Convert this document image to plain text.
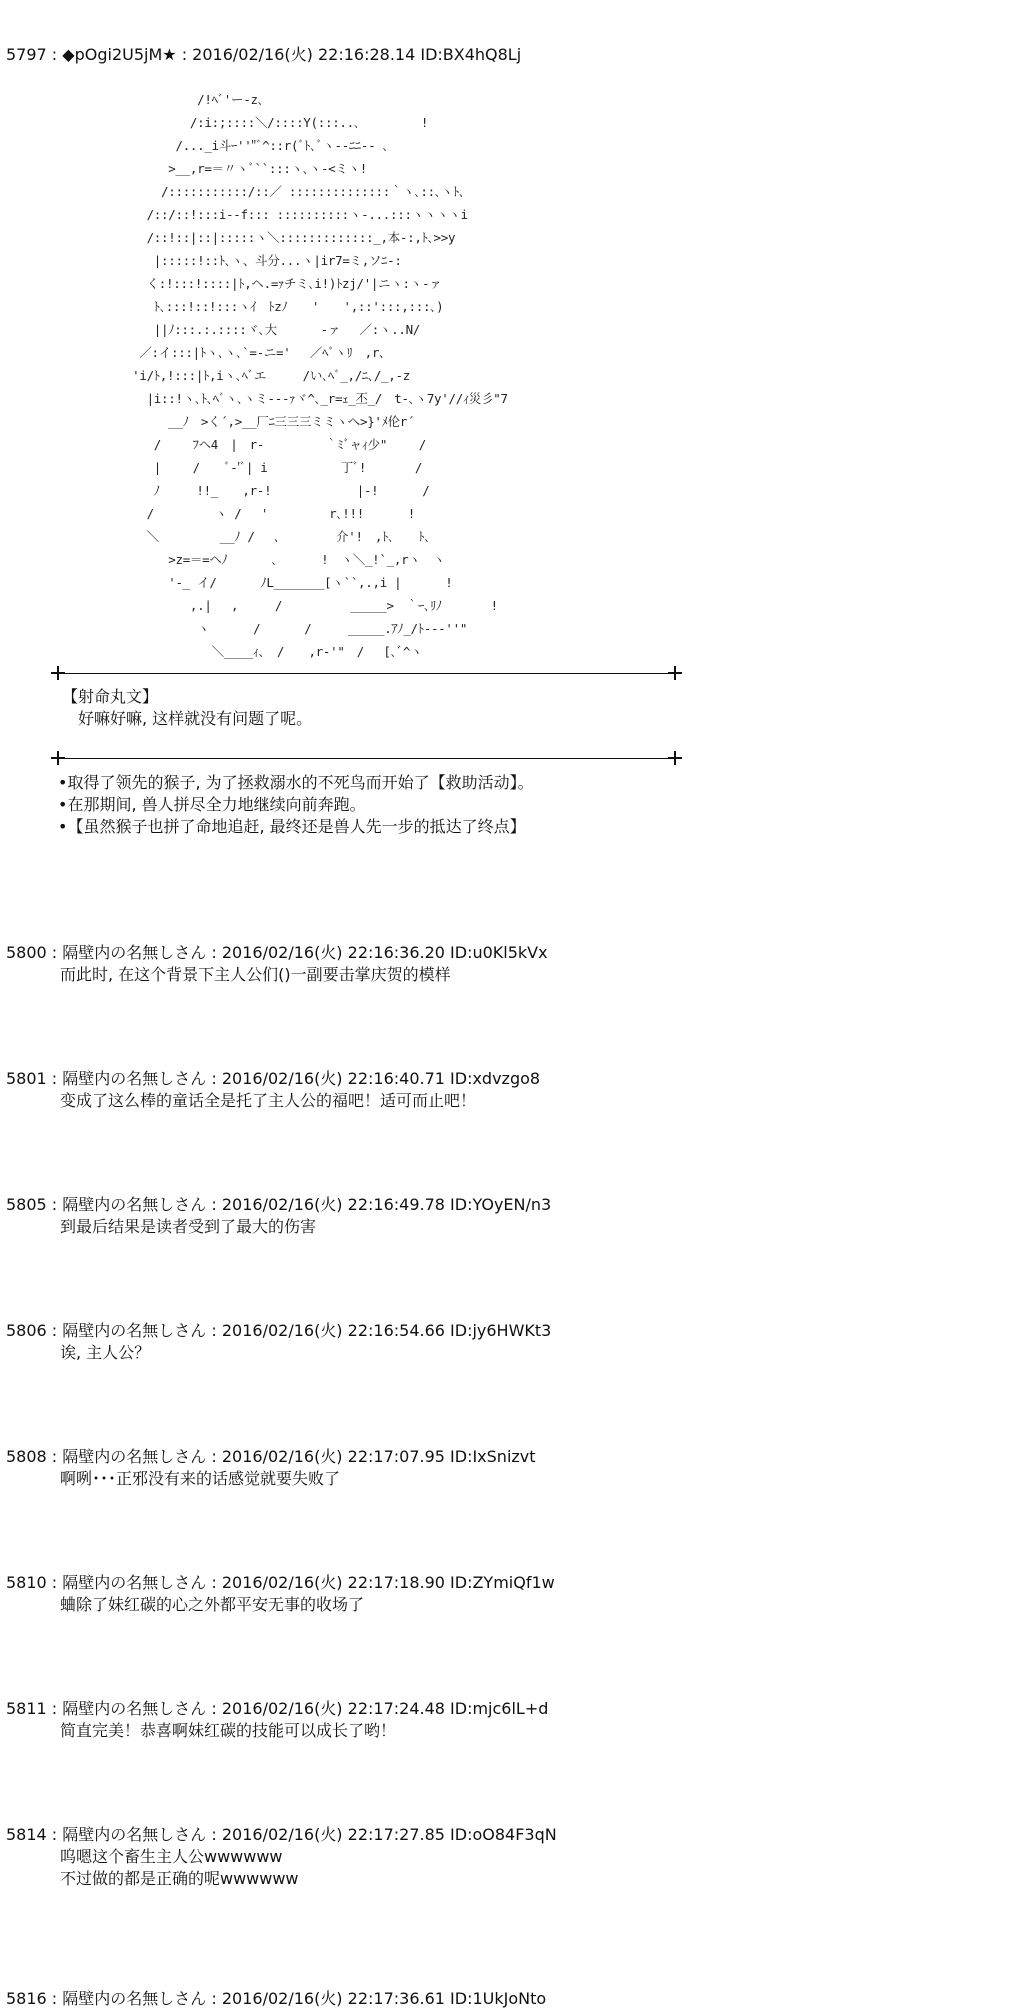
5797 : ◆pOgi2U5jM★ : 2016/02/16(火) 22:16:28.14 ID:BX4hQ8Lj
/!ﾍﾞ'ー-z､
/:i:;::::＼/::::Y(:::..､　　　　　!
/..._i斗ｰ''"ﾞ^::r(ﾞﾄ､ﾞヽ--ﾆﾆ-- ､
>__,r=＝〃ヽﾞ``:::ヽ､ヽ-<ミヽ!
/:::::::::::/::／ ::::::::::::::｀ヽ､::､ヽﾄ､
/::/::!:::i--f::: ::::::::::ヽ-...:::ヽヽヽヽi
/::!::|::|:::::ヽ＼:::::::::::::_,本-:,ﾄ､>>y
|:::::!::ﾄ､ヽ、斗分...ヽ|ir7=ミ,ソﾆ-:
く:!:::!::::|ﾄ,ヘ.=ｧチミ､i!)ﾄzj/'|ニヽ:ヽ-ァ
ﾄ､:::!::!:::ヽｲ　ﾄzﾉ　　'　　',::':::,:::､)
||ﾉ:::.:.::::ヾ､大　　　 -ァ　 ／:ヽ..N/
／:イ:::|ﾄヽ､ヽ､`=-ニ='　 ／ﾍﾞヽﾘ　,r､
'i/ﾄ,!:::|ﾄ,iヽ､ﾍﾞエ　　　/い､ﾍﾞ_,/ﾆ､/_,-z
|i::!ヽ､ﾄ､ﾍﾞヽ､ヽミ-‐-ｧヾ^､_r=ｪ_丕_/　t-､ヽ7y'//ｨ災彡"7
__ﾉ　>く´,>__厂ﾆ三三三ミミヽへ>}'ﾒ伦r´
/　　 ﾌヘ4　|　r-　　　　　｀ﾐﾞャｨ少"　　 /
|　　 /　　ﾞ-'ﾞ| i　　　　　　丁ﾞ!　　　　/
ﾉ　　　!!_　　,r-!　　　　　　　|-!　　　 /
/　　　　　ヽ /　 '　　　　　r､!!!　　　 !
＼　　　　　__ﾉ /　 ､　　　　 介'!　,ﾄ､　　ﾄ､
>z=＝=ヘﾉ　　　 ､　　　 !　ヽ＼_!`_,rヽ　ヽ
'-_ イ/　　　 ﾉL_______[ヽ``,.,i |　　　 !
,.|　 ,　　　/　　　　　 _____>　｀ｰ､ﾘﾉ　　　　!
ヽ　　　 /　　　 /　　　_____.ｱﾉ_/ﾄ---''"
＼____ｨ､　/　　,r-'"　/　 [､ﾞ^ヽ
【射命丸文】
　好嘛好嘛, 这样就没有问题了呢。
•取得了领先的猴子, 为了拯救溺水的不死鸟而开始了【救助活动】。
•在那期间, 兽人拼尽全力地继续向前奔跑。
•【虽然猴子也拼了命地追赶, 最终还是兽人先一步的抵达了终点】
5800 : 隔壁内の名無しさん : 2016/02/16(火) 22:16:36.20 ID:u0Kl5kVx
而此时, 在这个背景下主人公们()一副要击掌庆贺的模样
5801 : 隔壁内の名無しさん : 2016/02/16(火) 22:16:40.71 ID:xdvzgo8
变成了这么棒的童话全是托了主人公的福吧！适可而止吧！
5805 : 隔壁内の名無しさん : 2016/02/16(火) 22:16:49.78 ID:YOyEN/n3
到最后结果是读者受到了最大的伤害
5806 : 隔壁内の名無しさん : 2016/02/16(火) 22:16:54.66 ID:jy6HWKt3
诶, 主人公？
5808 : 隔壁内の名無しさん : 2016/02/16(火) 22:17:07.95 ID:IxSnizvt
啊咧･･･正邪没有来的话感觉就要失败了
5810 : 隔壁内の名無しさん : 2016/02/16(火) 22:17:18.90 ID:ZYmiQf1w
蛐除了妹红碳的心之外都平安无事的收场了
5811 : 隔壁内の名無しさん : 2016/02/16(火) 22:17:24.48 ID:mjc6lL+d
简直完美！恭喜啊妹红碳的技能可以成长了哟！
5814 : 隔壁内の名無しさん : 2016/02/16(火) 22:17:27.85 ID:oO84F3qN
呜嗯这个畜生主人公wwwwww
不过做的都是正确的呢wwwwww
5816 : 隔壁内の名無しさん : 2016/02/16(火) 22:17:36.61 ID:1UkJoNto
